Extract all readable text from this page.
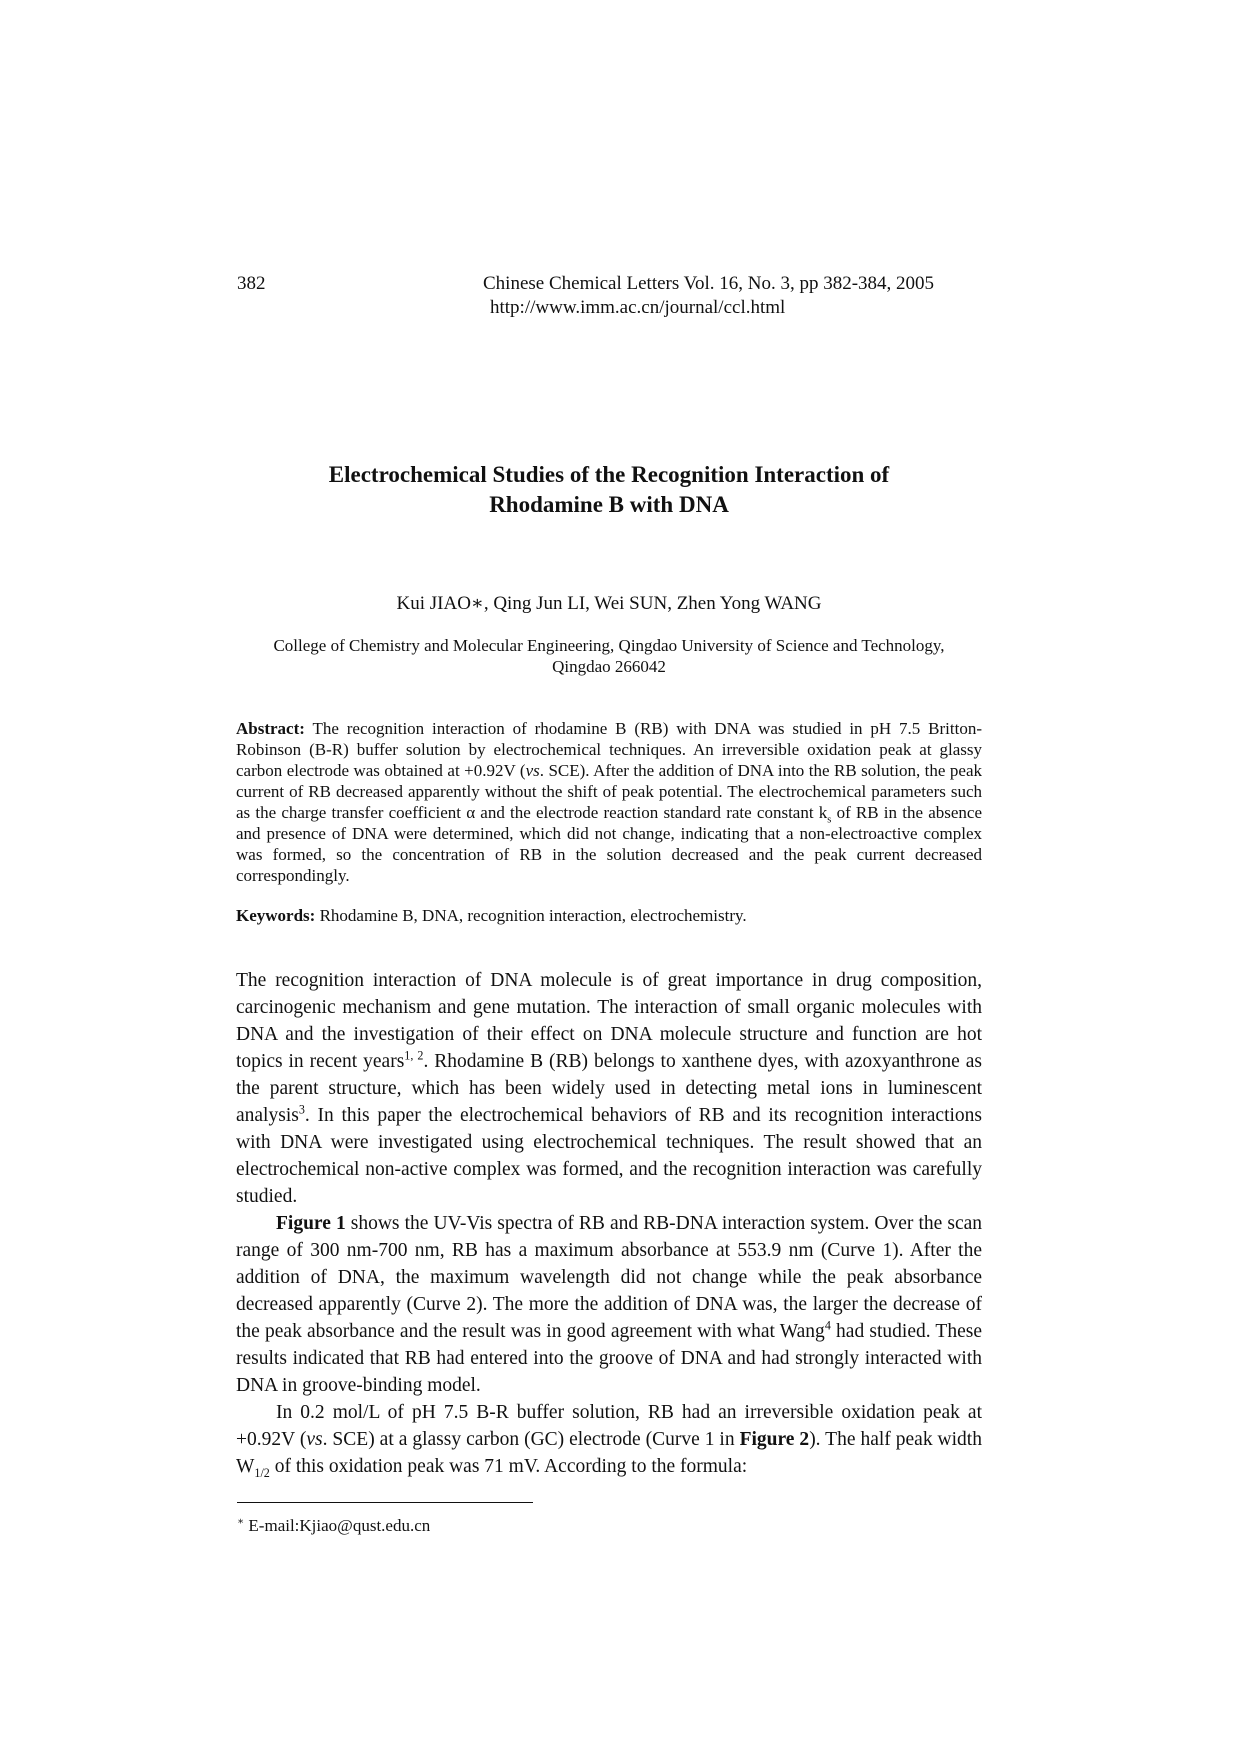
382	Chinese Chemical Letters Vol. 16, No. 3, pp 382-384, 2005
http://www.imm.ac.cn/journal/ccl.html
Electrochemical Studies of the Recognition Interaction of
Rhodamine B with DNA
Kui JIAO∗, Qing Jun LI, Wei SUN, Zhen Yong WANG
College of Chemistry and Molecular Engineering, Qingdao University of Science and Technology,
Qingdao 266042
Abstract: The recognition interaction of rhodamine B (RB) with DNA was studied in pH 7.5 Britton-Robinson (B-R) buffer solution by electrochemical techniques. An irreversible oxidation peak at glassy carbon electrode was obtained at +0.92V (vs. SCE). After the addition of DNA into the RB solution, the peak current of RB decreased apparently without the shift of peak potential. The electrochemical parameters such as the charge transfer coefficient α and the electrode reaction standard rate constant $k_s$ of RB in the absence and presence of DNA were determined, which did not change, indicating that a non-electroactive complex was formed, so the concentration of RB in the solution decreased and the peak current decreased correspondingly.
Keywords: Rhodamine B, DNA, recognition interaction, electrochemistry.

The recognition interaction of DNA molecule is of great importance in drug composition, carcinogenic mechanism and gene mutation. The interaction of small organic molecules with DNA and the investigation of their effect on DNA molecule structure and function are hot topics in recent years$^{1, 2}$. Rhodamine B (RB) belongs to xanthene dyes, with azoxyanthrone as the parent structure, which has been widely used in detecting metal ions in luminescent analysis$^3$. In this paper the electrochemical behaviors of RB and its recognition interactions with DNA were investigated using electrochemical techniques. The result showed that an electrochemical non-active complex was formed, and the recognition interaction was carefully studied.

Figure 1 shows the UV-Vis spectra of RB and RB-DNA interaction system. Over the scan range of 300 nm-700 nm, RB has a maximum absorbance at 553.9 nm (Curve 1). After the addition of DNA, the maximum wavelength did not change while the peak absorbance decreased apparently (Curve 2). The more the addition of DNA was, the larger the decrease of the peak absorbance and the result was in good agreement with what Wang$^4$ had studied. These results indicated that RB had entered into the groove of DNA and had strongly interacted with DNA in groove-binding model.

In 0.2 mol/L of pH 7.5 B-R buffer solution, RB had an irreversible oxidation peak at +0.92V (vs. SCE) at a glassy carbon (GC) electrode (Curve 1 in Figure 2). The half peak width $W_{1/2}$ of this oxidation peak was 71 mV. According to the formula:

∗ E-mail:Kjiao@qust.edu.cn
